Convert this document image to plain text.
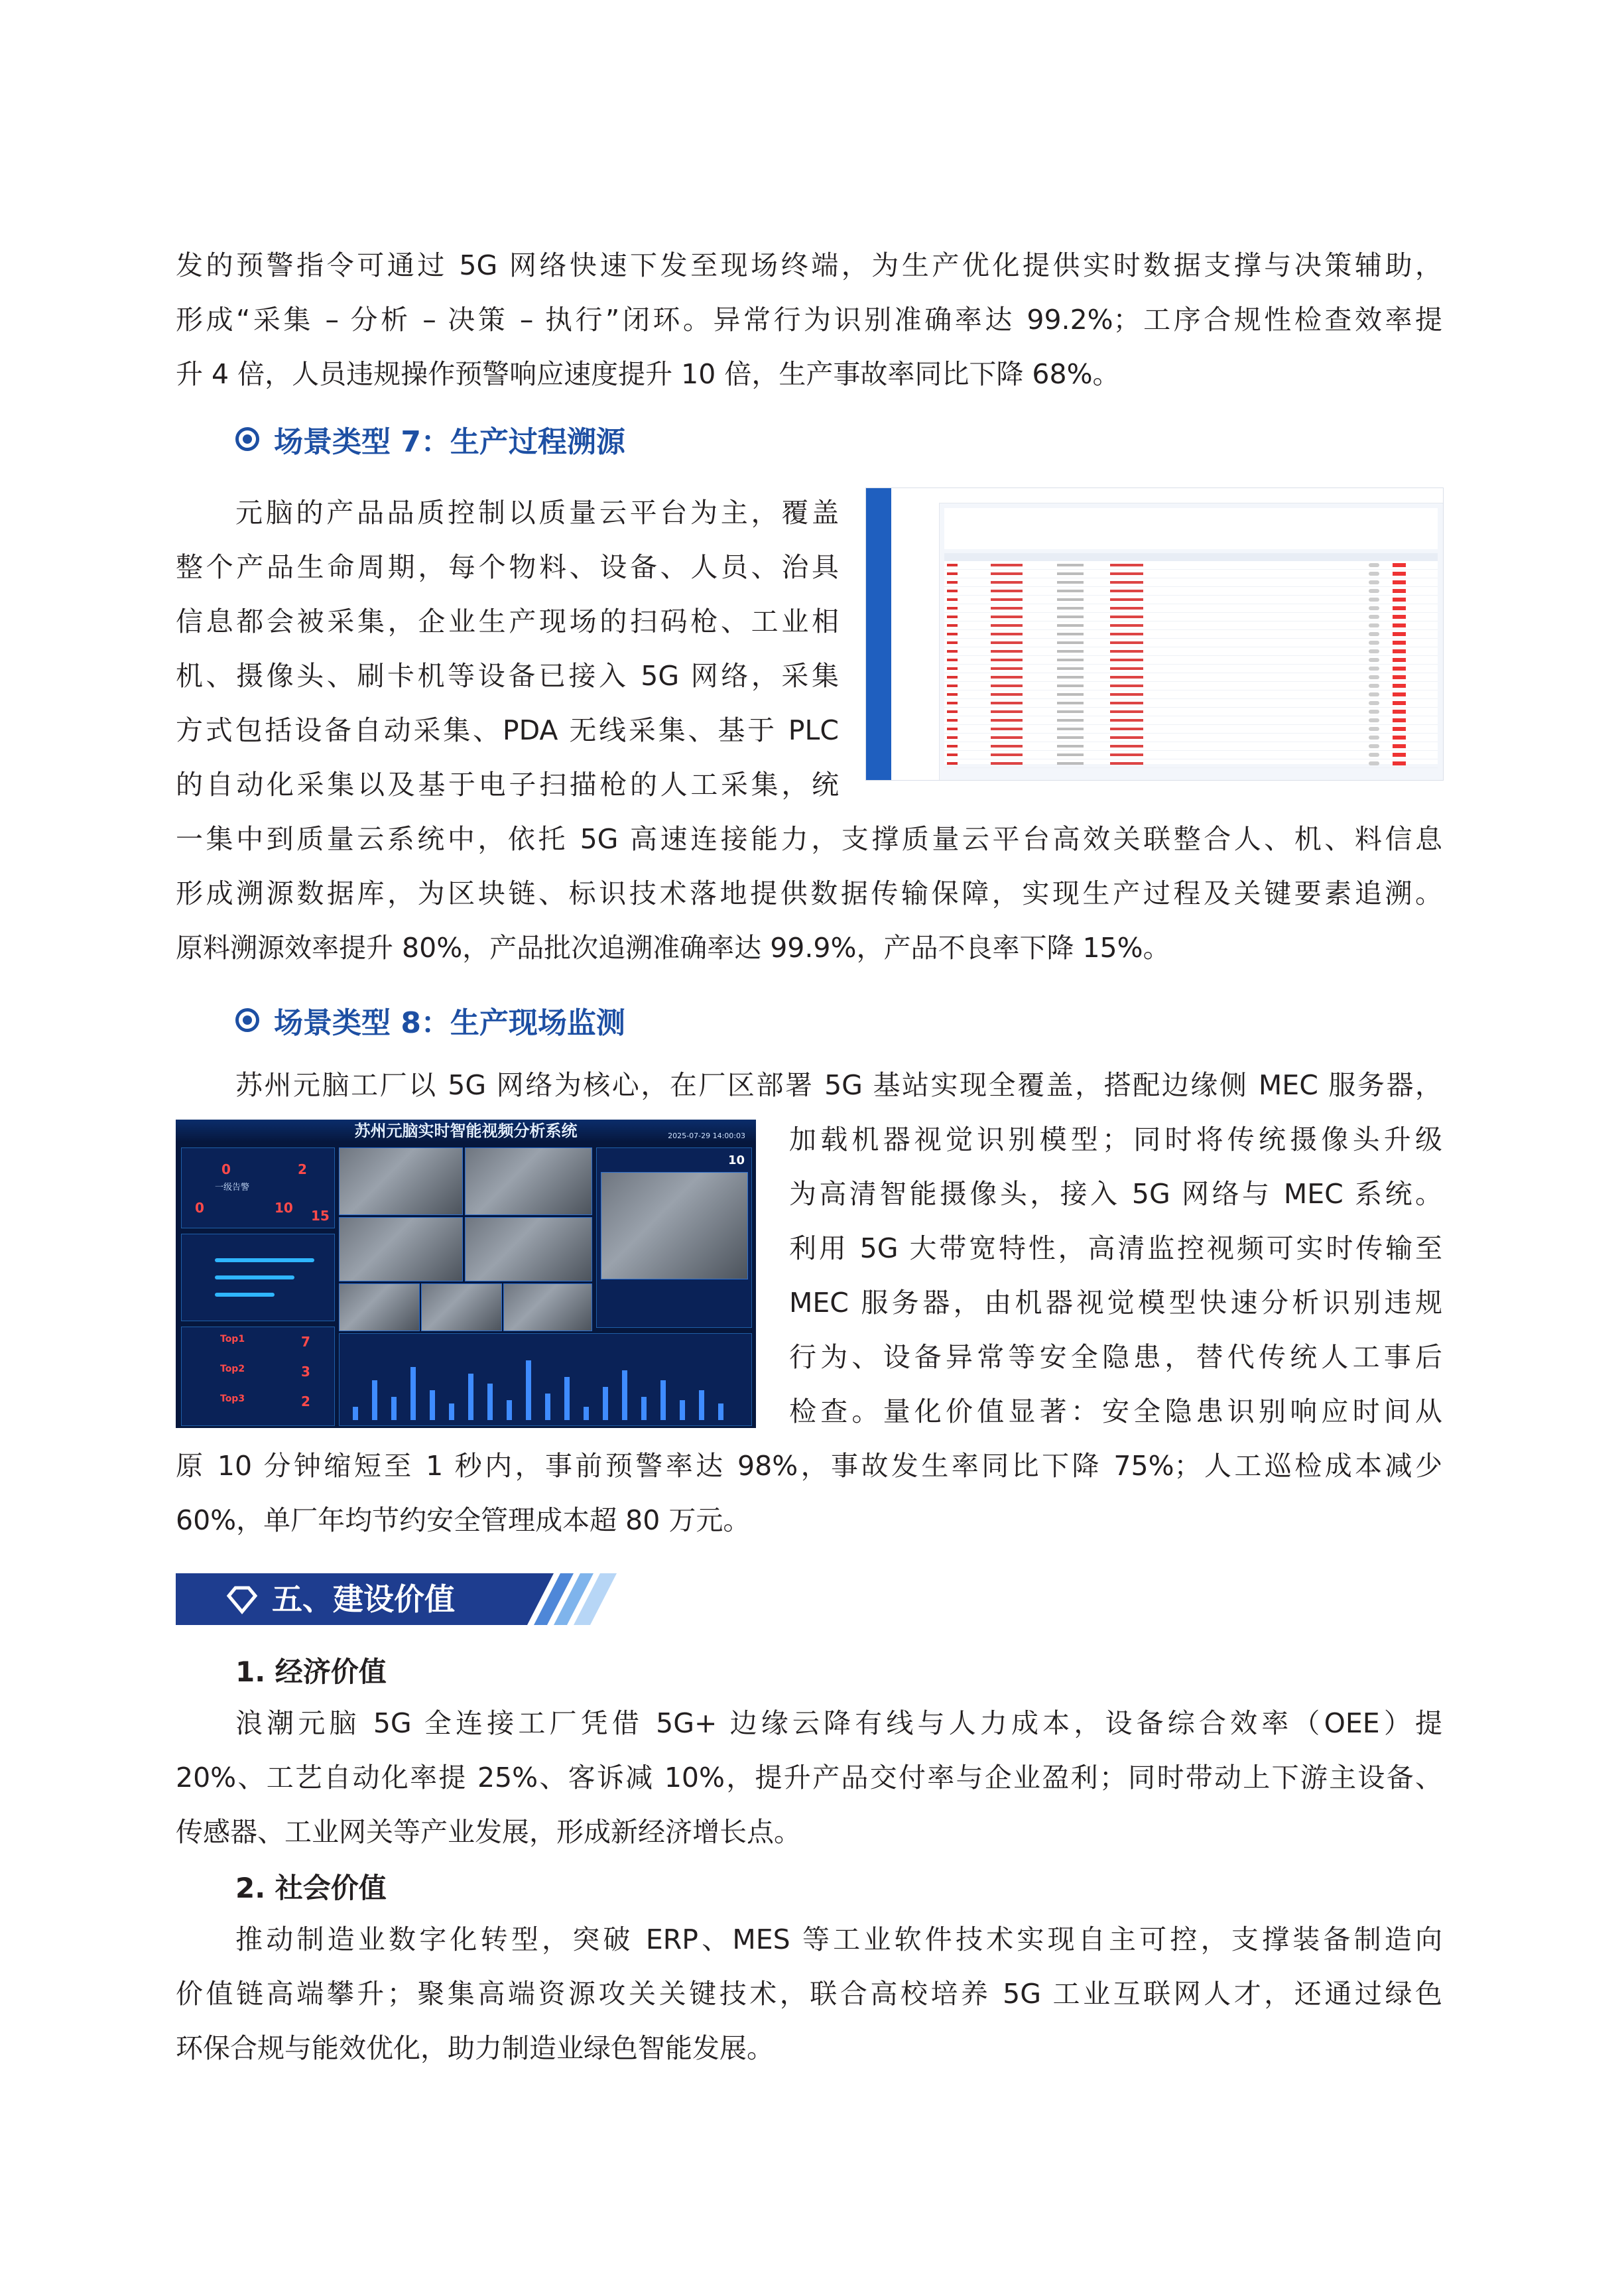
发的预警指令可通过 5G 网络快速下发至现场终端，为生产优化提供实时数据支撑与决策辅助，

形成“采集 – 分析 – 决策 – 执行”闭环。异常行为识别准确率达 99.2%；工序合规性检查效率提

升 4 倍，人员违规操作预警响应速度提升 10 倍，生产事故率同比下降 68%。

场景类型 7：生产过程溯源

元脑的产品品质控制以质量云平台为主，覆盖

整个产品生命周期，每个物料、设备、人员、治具

信息都会被采集，企业生产现场的扫码枪、工业相

机、摄像头、刷卡机等设备已接入 5G 网络，采集

方式包括设备自动采集、PDA 无线采集、基于 PLC

的自动化采集以及基于电子扫描枪的人工采集，统

一集中到质量云系统中，依托 5G 高速连接能力，支撑质量云平台高效关联整合人、机、料信息

形成溯源数据库，为区块链、标识技术落地提供数据传输保障，实现生产过程及关键要素追溯。

原料溯源效率提升 80%，产品批次追溯准确率达 99.9%，产品不良率下降 15%。

场景类型 8：生产现场监测

苏州元脑工厂以 5G 网络为核心，在厂区部署 5G 基站实现全覆盖，搭配边缘侧 MEC 服务器，

加载机器视觉识别模型；同时将传统摄像头升级

为高清智能摄像头，接入 5G 网络与 MEC 系统。

利用 5G 大带宽特性，高清监控视频可实时传输至

MEC 服务器，由机器视觉模型快速分析识别违规

行为、设备异常等安全隐患，替代传统人工事后

检查。量化价值显著：安全隐患识别响应时间从

原 10 分钟缩短至 1 秒内，事前预警率达 98%，事故发生率同比下降 75%；人工巡检成本减少

60%，单厂年均节约安全管理成本超 80 万元。

苏州元脑实时智能视频分析系统	2025-07-29 14:00:03
一级告警
0	2
0	10 15
Top1
Top2
Top3
7
3
2
10
五、建设价值
1. 经济价值

浪潮元脑 5G 全连接工厂凭借 5G+ 边缘云降有线与人力成本，设备综合效率（OEE）提

20%、工艺自动化率提 25%、客诉减 10%，提升产品交付率与企业盈利；同时带动上下游主设备、

传感器、工业网关等产业发展，形成新经济增长点。

2. 社会价值

推动制造业数字化转型，突破 ERP、MES 等工业软件技术实现自主可控，支撑装备制造向

价值链高端攀升；聚集高端资源攻关关键技术，联合高校培养 5G 工业互联网人才，还通过绿色

环保合规与能效优化，助力制造业绿色智能发展。
